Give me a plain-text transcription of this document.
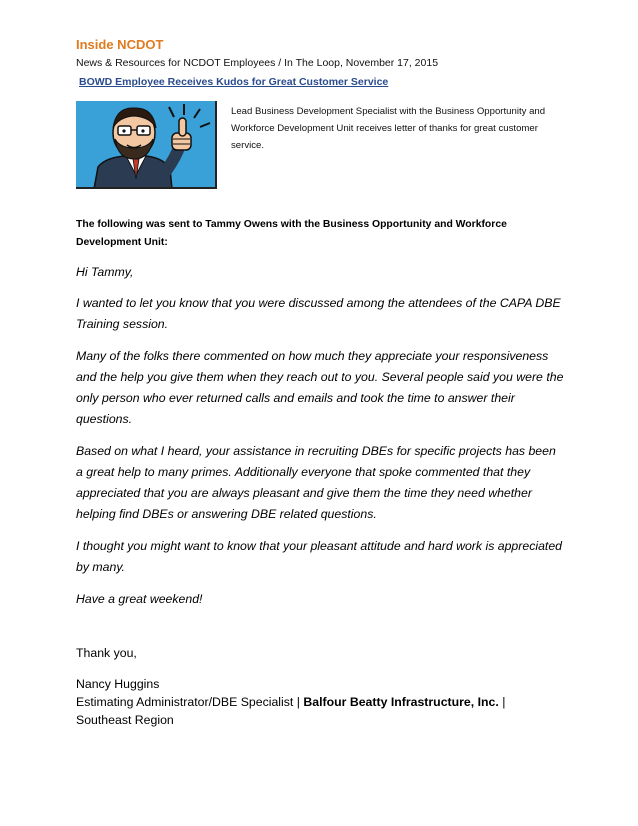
Inside NCDOT
News & Resources for NCDOT Employees / In The Loop, November 17, 2015
BOWD Employee Receives Kudos for Great Customer Service
Lead Business Development Specialist with the Business Opportunity and Workforce Development Unit receives letter of thanks for great customer service.
The following was sent to Tammy Owens with the Business Opportunity and Workforce Development Unit:

Hi Tammy,

I wanted to let you know that you were discussed among the attendees of the CAPA DBE Training session.

Many of the folks there commented on how much they appreciate your responsiveness and the help you give them when they reach out to you. Several people said you were the only person who ever returned calls and emails and took the time to answer their questions.

Based on what I heard, your assistance in recruiting DBEs for specific projects has been a great help to many primes. Additionally everyone that spoke commented that they appreciated that you are always pleasant and give them the time they need whether helping find DBEs or answering DBE related questions.

I thought you might want to know that your pleasant attitude and hard work is appreciated by many.

Have a great weekend!

Thank you,
Nancy Huggins
Estimating Administrator/DBE Specialist | Balfour Beatty Infrastructure, Inc. |
Southeast Region
